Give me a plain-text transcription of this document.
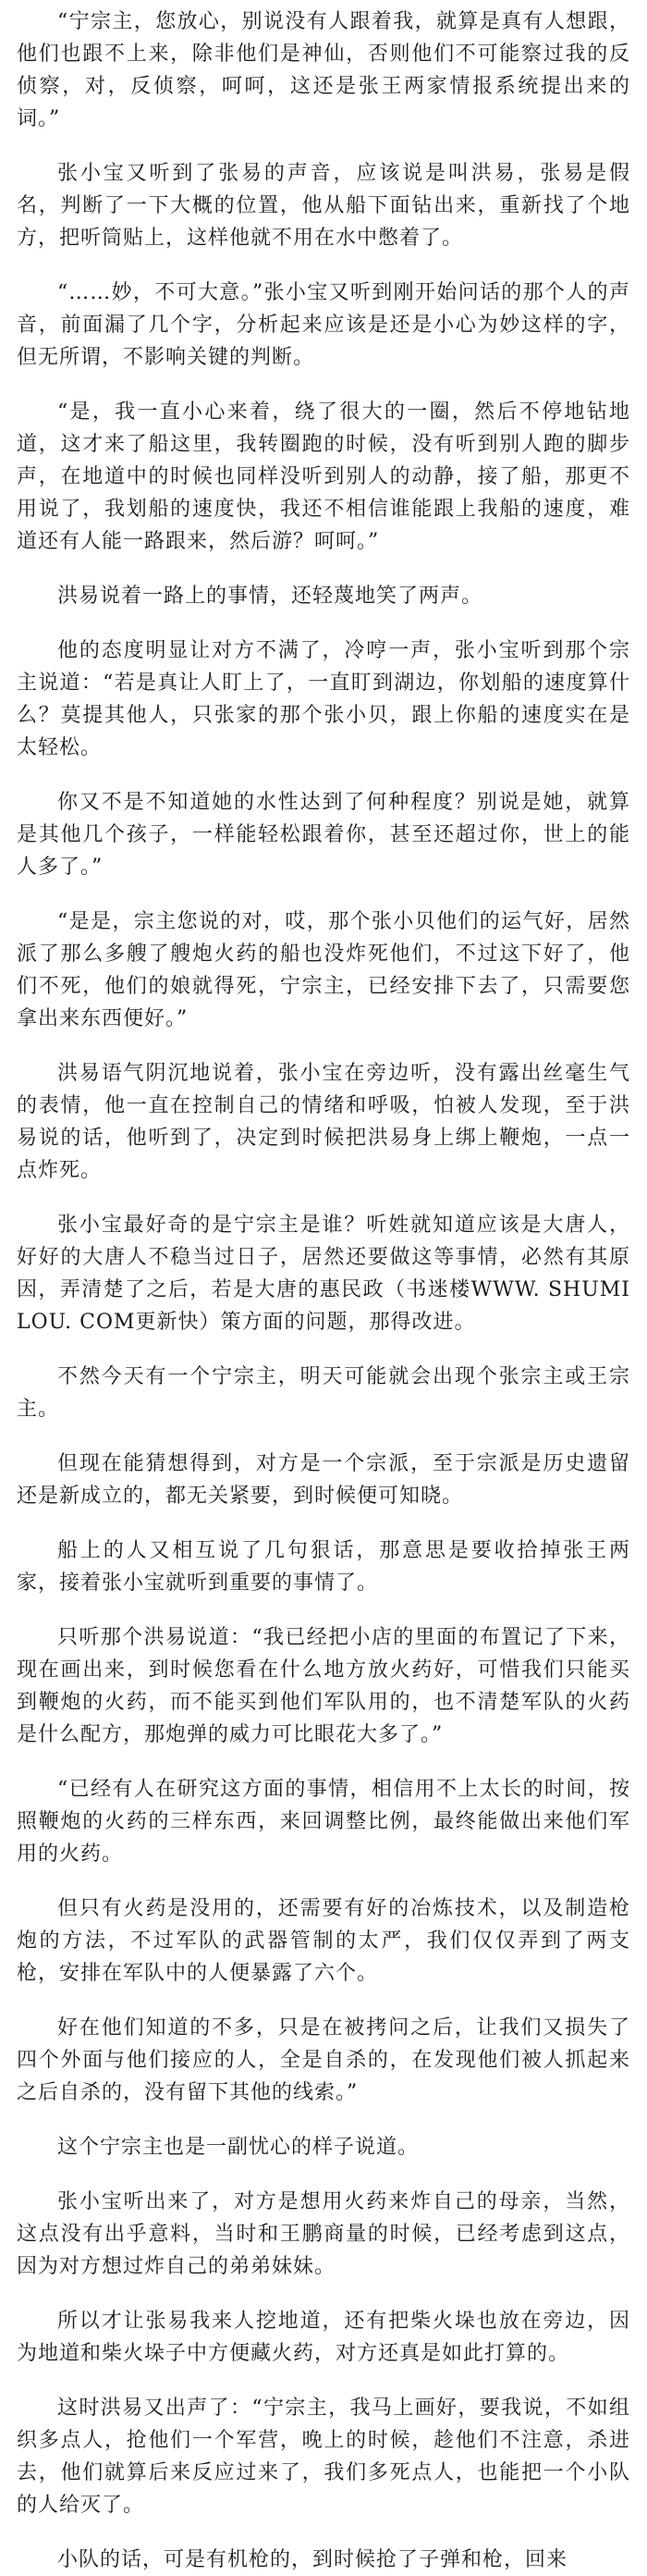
“宁宗主，您放心，别说没有人跟着我，就算是真有人想跟，他们也跟不上来，除非他们是神仙，否则他们不可能察过我的反侦察，对，反侦察，呵呵，这还是张王两家情报系统提出来的词。”

张小宝又听到了张易的声音，应该说是叫洪易，张易是假名，判断了一下大概的位置，他从船下面钻出来，重新找了个地方，把听筒贴上，这样他就不用在水中憋着了。

“……妙，不可大意。”张小宝又听到刚开始问话的那个人的声音，前面漏了几个字，分析起来应该是还是小心为妙这样的字，但无所谓，不影响关键的判断。

“是，我一直小心来着，绕了很大的一圈，然后不停地钻地道，这才来了船这里，我转圈跑的时候，没有听到别人跑的脚步声，在地道中的时候也同样没听到别人的动静，接了船，那更不用说了，我划船的速度快，我还不相信谁能跟上我船的速度，难道还有人能一路跟来，然后游？呵呵。”

洪易说着一路上的事情，还轻蔑地笑了两声。

他的态度明显让对方不满了，冷哼一声，张小宝听到那个宗主说道：“若是真让人盯上了，一直盯到湖边，你划船的速度算什么？莫提其他人，只张家的那个张小贝，跟上你船的速度实在是太轻松。

你又不是不知道她的水性达到了何种程度？别说是她，就算是其他几个孩子，一样能轻松跟着你，甚至还超过你，世上的能人多了。”

“是是，宗主您说的对，哎，那个张小贝他们的运气好，居然派了那么多艘了艘炮火药的船也没炸死他们，不过这下好了，他们不死，他们的娘就得死，宁宗主，已经安排下去了，只需要您拿出来东西便好。”

洪易语气阴沉地说着，张小宝在旁边听，没有露出丝毫生气的表情，他一直在控制自己的情绪和呼吸，怕被人发现，至于洪易说的话，他听到了，决定到时候把洪易身上绑上鞭炮，一点一点炸死。

张小宝最好奇的是宁宗主是谁？听姓就知道应该是大唐人，好好的大唐人不稳当过日子，居然还要做这等事情，必然有其原因，弄清楚了之后，若是大唐的惠民政（书迷楼WWW. SHUMI LOU. COM更新快）策方面的问题，那得改进。

不然今天有一个宁宗主，明天可能就会出现个张宗主或王宗主。

但现在能猜想得到，对方是一个宗派，至于宗派是历史遗留还是新成立的，都无关紧要，到时候便可知晓。

船上的人又相互说了几句狠话，那意思是要收拾掉张王两家，接着张小宝就听到重要的事情了。

只听那个洪易说道：“我已经把小店的里面的布置记了下来，现在画出来，到时候您看在什么地方放火药好，可惜我们只能买到鞭炮的火药，而不能买到他们军队用的，也不清楚军队的火药是什么配方，那炮弹的威力可比眼花大多了。”

“已经有人在研究这方面的事情，相信用不上太长的时间，按照鞭炮的火药的三样东西，来回调整比例，最终能做出来他们军用的火药。

但只有火药是没用的，还需要有好的冶炼技术，以及制造枪炮的方法，不过军队的武器管制的太严，我们仅仅弄到了两支枪，安排在军队中的人便暴露了六个。

好在他们知道的不多，只是在被拷问之后，让我们又损失了四个外面与他们接应的人，全是自杀的，在发现他们被人抓起来之后自杀的，没有留下其他的线索。”

这个宁宗主也是一副忧心的样子说道。

张小宝听出来了，对方是想用火药来炸自己的母亲，当然，这点没有出乎意料，当时和王鹏商量的时候，已经考虑到这点，因为对方想过炸自己的弟弟妹妹。

所以才让张易我来人挖地道，还有把柴火垛也放在旁边，因为地道和柴火垛子中方便藏火药，对方还真是如此打算的。

这时洪易又出声了：“宁宗主，我马上画好，要我说，不如组织多点人，抢他们一个军营，晚上的时候，趁他们不注意，杀进去，他们就算后来反应过来了，我们多死点人，也能把一个小队的人给灭了。

小队的话，可是有机枪的，到时候抢了子弹和枪，回来
